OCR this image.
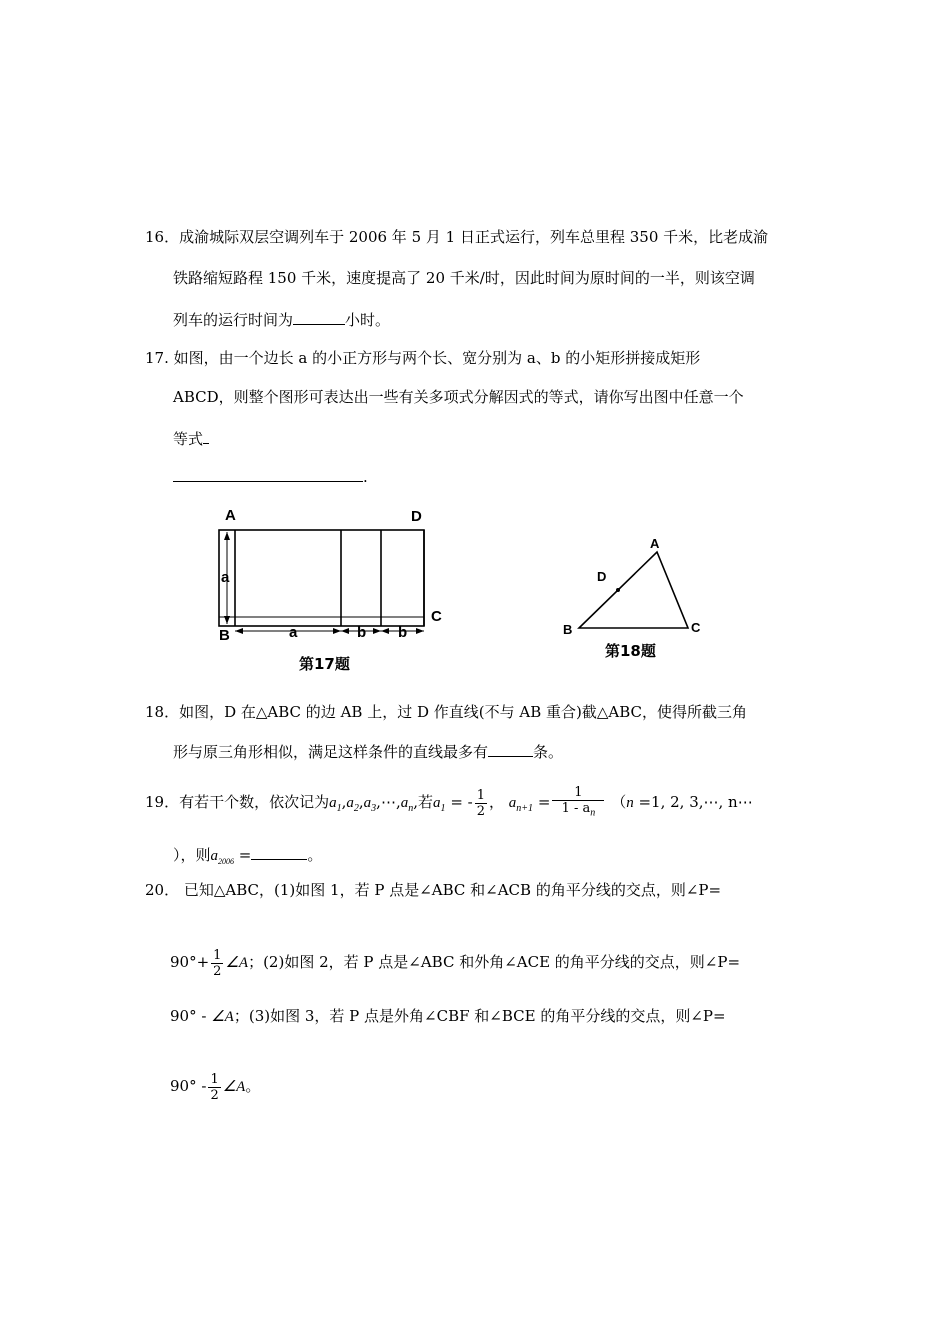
16．成渝城际双层空调列车于 2006 年 5 月 1 日正式运行，列车总里程 350 千米，比老成渝
铁路缩短路程 150 千米，速度提高了 20 千米/时，因此时间为原时间的一半，则该空调
列车的运行时间为	小时。
17. 如图，由一个边长 a 的小正方形与两个长、宽分别为 a、b 的小矩形拼接成矩形
ABCD，则整个图形可表达出一些有关多项式分解因式的等式，请你写出图中任意一个
等式
.
A	D
B
C
a
a	b b
第17题
A
B	C
D
第18题
18．如图，D 在△ABC 的边 AB 上，过 D 作直线(不与 AB 重合)截△ABC，使得所截三角
形与原三角形相似，满足这样条件的直线最多有	条。
19．有若干个数，依次记为$a_1,a_2,a_3,\cdots,a_n$,若$a_1$ = - $\frac{1}{2}$ ， $a_{n+1} = \frac{1}{1 - a_n} (n =1$, 2, 3,⋯, n⋯
），则$a_{2006}$ =	。
20． 已知△ABC，(1)如图 1，若 P 点是∠ABC 和∠ACB 的角平分线的交点，则∠P=
$90^\circ+ \frac{1}{2}$ ∠A；(2)如图 2，若 P 点是∠ABC 和外角∠ACE 的角平分线的交点，则∠P=
90° - ∠A；(3)如图 3，若 P 点是外角∠CBF 和∠BCE 的角平分线的交点，则∠P=
$90^\circ - \frac{1}{2}$ ∠A。
